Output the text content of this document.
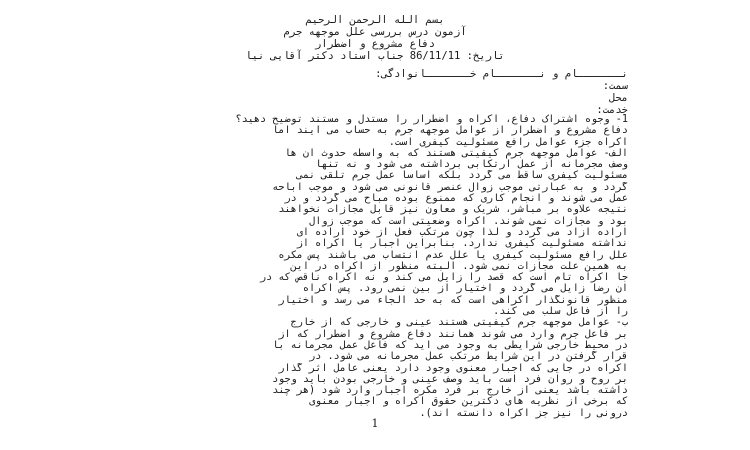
بسم الله الرحمن الرحيم
آزمون درس بررسی علل موجهه جرم
دفاع مشروع و اضطرار
تاریخ: 86/11/11 جناب استاد دکتر آقایی نیا
نـــــــام و نـــــــام خـــــــانوادگی:
سمت:
محل
خدمت:
1- وجوه اشتراک دفاع، اکراه و اضطرار را مستدل و مستند توضیح دهید؟
دفاع مشروع و اضطرار از عوامل موجهه جرم به حساب می آیند اما
اکراه جزء عوامل رافع مسئولیت کیفری است.
الف- عوامل موجهه جرم کیفیتی هستند که به واسطه حدوث آن ها
وصف مجرمانه از عمل ارتکابی برداشته می شود و نه تنها
مسئولیت کیفری ساقط می گردد بلکه اساساً عمل جرم تلقی نمی
گردد و به عبارتی موجب زوال عنصر قانونی می شود و موجب اباحه
عمل می شوند و انجام کاری که ممنوع بوده مباح می گردد و در
نتیجه علاوه بر مباشر، شریک و معاون نیز قابل مجازات نخواهند
بود و مجازات نمی شوند. اکراه وضعیتی است که موجب زوال
اراده آزاد می گردد و لذا چون مرتکب فعل از خود اراده ای
نداشته مسئولیت کیفری ندارد. بنابراین اجبار یا اکراه از
علل رافع مسئولیت کیفری یا علل عدم انتساب می باشند پس مکره
به همین علت مجازات نمی شود. البته منظور از اکراه در این
جا اکراه تام است که قصد را زایل می کند و نه اکراه ناقص که در
آن رضا زایل می گردد و اختیار از بین نمی رود. پس اکراه
منظور قانونگذار اکراهی است که به حد الجاء می رسد و اختیار
را از فاعل سلب می کند.
ب- عوامل موجهه جرم کیفیتی هستند عینی و خارجی که از خارج
بر فاعل جرم وارد می شوند همانند دفاع مشروع و اضطرار که از
در محیط خارجی شرایطی به وجود می آید که فاعل عمل مجرمانه با
قرار گرفتن در این شرایط مرتکب عمل مجرمانه می شود. در
اکراه در جایی که اجبار معنوی وجود دارد یعنی عامل اثر گذار
بر روح و روان فرد است باید وصف عینی و خارجی بودن باید وجود
داشته باشد یعنی از خارج بر فرد مکره اجبار وارد شود (هر چند
که برخی از نظریه های دکترین حقوق اکراه و اجبار معنوی
درونی را نیز جز اکراه دانسته اند).
1
